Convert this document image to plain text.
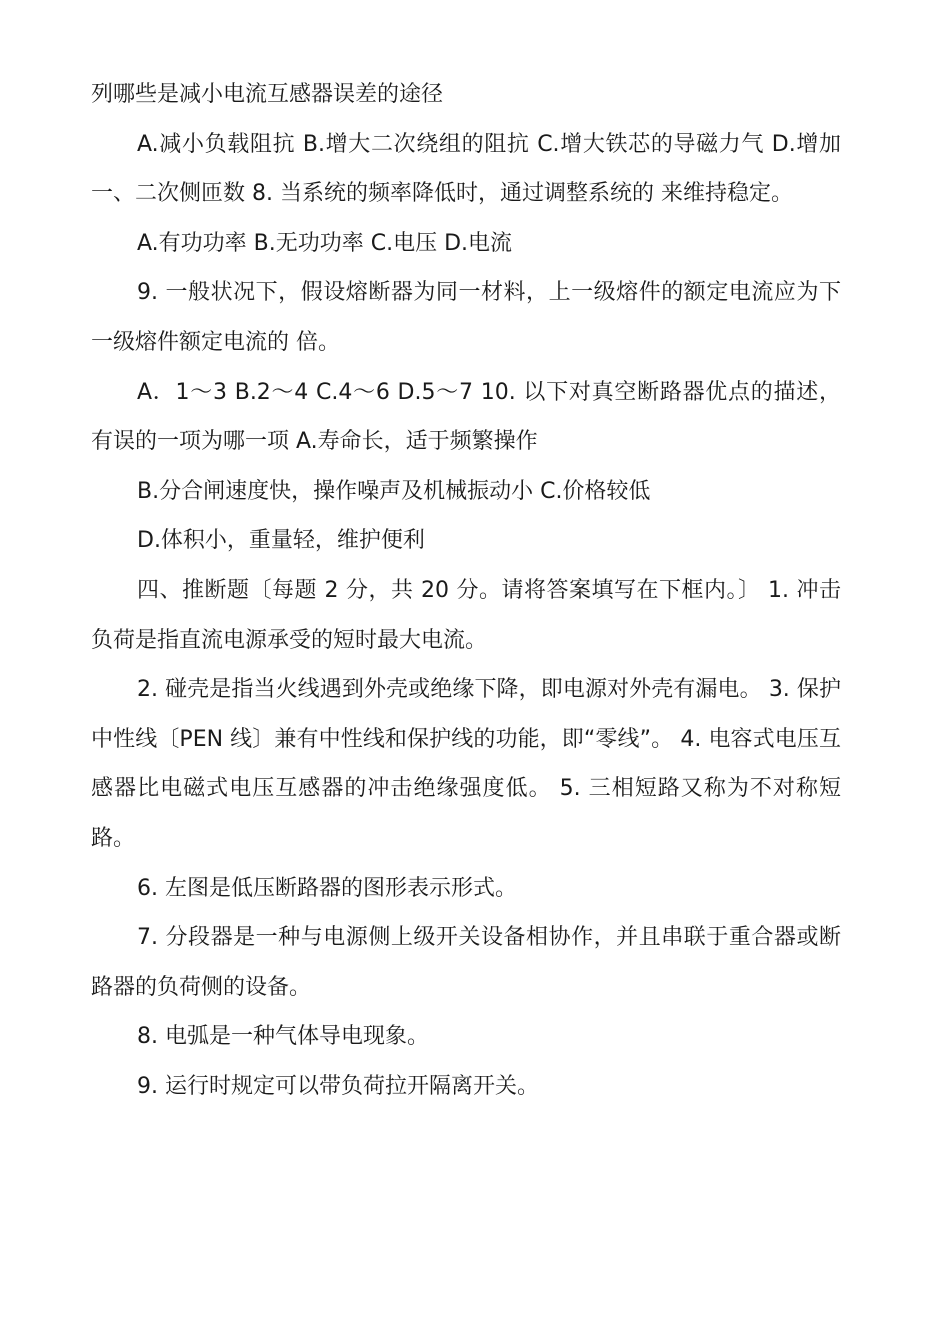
列哪些是减小电流互感器误差的途径

A.减小负载阻抗 B.增大二次绕组的阻抗 C.增大铁芯的导磁力气 D.增加一、二次侧匝数 8. 当系统的频率降低时，通过调整系统的 来维持稳定。

A.有功功率 B.无功功率 C.电压 D.电流

9. 一般状况下，假设熔断器为同一材料，上一级熔件的额定电流应为下一级熔件额定电流的 倍。

A．1～3 B.2～4 C.4～6 D.5～7 10. 以下对真空断路器优点的描述，有误的一项为哪一项 A.寿命长，适于频繁操作

B.分合闸速度快，操作噪声及机械振动小 C.价格较低

D.体积小，重量轻，维护便利

四、推断题〔每题 2 分，共 20 分。请将答案填写在下框内。〕 1. 冲击负荷是指直流电源承受的短时最大电流。

2. 碰壳是指当火线遇到外壳或绝缘下降，即电源对外壳有漏电。 3. 保护中性线〔PEN 线〕兼有中性线和保护线的功能，即“零线”。 4. 电容式电压互感器比电磁式电压互感器的冲击绝缘强度低。 5. 三相短路又称为不对称短路。

6. 左图是低压断路器的图形表示形式。

7. 分段器是一种与电源侧上级开关设备相协作，并且串联于重合器或断路器的负荷侧的设备。

8. 电弧是一种气体导电现象。

9. 运行时规定可以带负荷拉开隔离开关。
